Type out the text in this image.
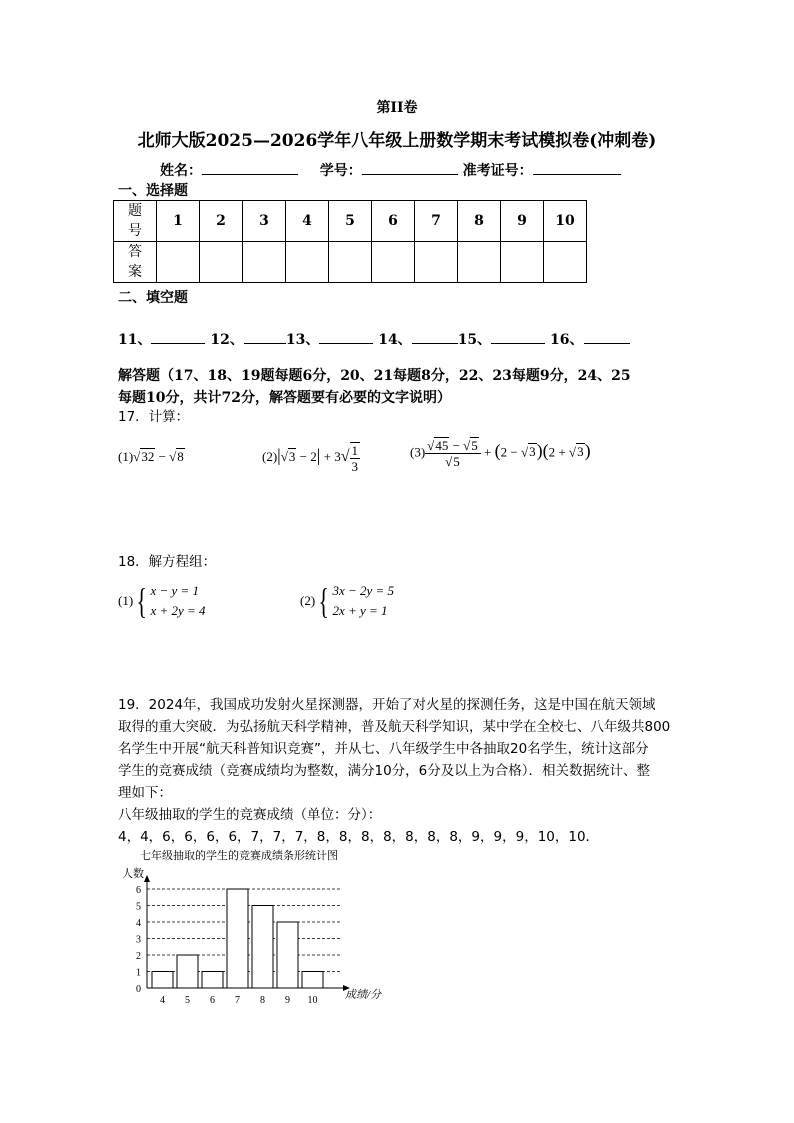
第II卷
北师大版2025—2026学年八年级上册数学期末考试模拟卷(冲刺卷)
姓名：	学号：	准考证号：
一、选择题
题号	1	2	3	4	5	6	7	8	9	10
答案										
二、填空题
11、	12、	13、	14、	15、	16、
解答题（17、18、19题每题6分，20、21每题8分，22、23每题9分，24、25
每题10分，共计72分，解答题要有必要的文字说明）
17．计算：
(1)√32 − √8	$(2)|√3 - 2| + 3√ \frac{1}{3}$	$(3) \frac{√45 - √5}{√5} + (2 - √3)(2 + √3)$
18．解方程组：
(1){ x − y = 1
x + 2y = 4
(2){ 3x − 2y = 5
2x + y = 1
19．2024年，我国成功发射火星探测器，开始了对火星的探测任务，这是中国在航天领域
取得的重大突破．为弘扬航天科学精神，普及航天科学知识，某中学在全校七、八年级共800
名学生中开展“航天科普知识竞赛”，并从七、八年级学生中各抽取20名学生，统计这部分
学生的竞赛成绩（竞赛成绩均为整数，满分10分，6分及以上为合格）．相关数据统计、整
理如下：
八年级抽取的学生的竞赛成绩（单位：分）：
4，4，6，6，6，6，7，7，7，8，8，8，8，8，8，8，9，9，9，10，10．
七年级抽取的学生的竞赛成绩条形统计图
人数
成绩/分
0
1
2
3
4
5
6
4 5 6 7 8 9 10
